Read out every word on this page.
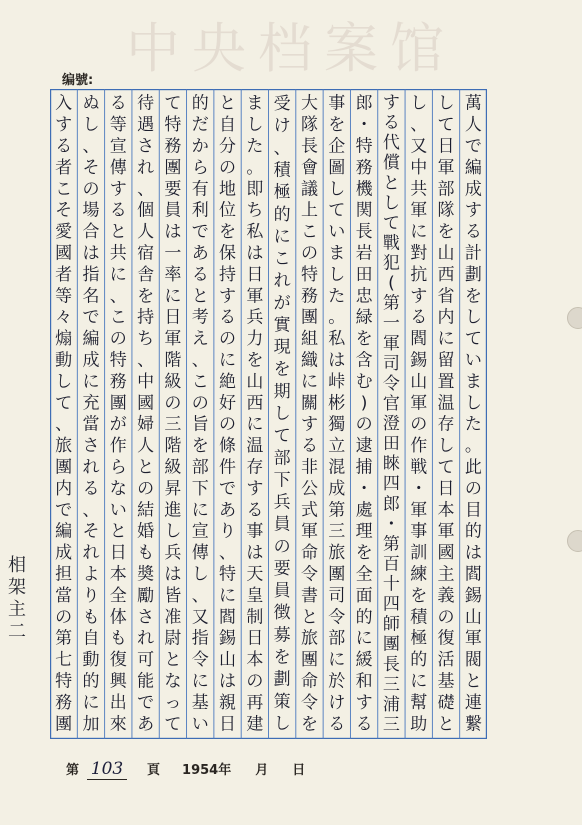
中央档案馆
编號:
萬
人
で
編
成
す
る
計
劃
を
し
て
い
ま
し
た
。
此
の
目
的
は
閻
錫
山
軍
閥
と
連
繋
し
て
日
軍
部
隊
を
山
西
省
内
に
留
置
温
存
し
て
日
本
軍
國
主
義
の
復
活
基
礎
と
し
、
又
中
共
軍
に
對
抗
す
る
閻
錫
山
軍
の
作
戦
・
軍
事
訓
練
を
積
極
的
に
幫
助
す
る
代
償
と
し
て
戰
犯
(
第
一
軍
司
令
官
澄
田
睞
四
郎
・
第
百
十
四
師
團
長
三
浦
三
郎
・
特
務
機
関
長
岩
田
忠
緑
を
含
む
)
の
逮
捕
・
處
理
を
全
面
的
に
緩
和
す
る
事
を
企
圖
し
て
い
ま
し
た
。
私
は
峠
彬
獨
立
混
成
第
三
旅
團
司
令
部
に
於
け
る
大
隊
長
會
議
上
こ
の
特
務
團
組
織
に
關
す
る
非
公
式
軍
命
令
書
と
旅
團
命
令
を
受
け
、
積
極
的
に
こ
れ
が
實
現
を
期
し
て
部
下
兵
員
の
要
員
徴
募
を
劃
策
し
ま
し
た
。
即
ち
私
は
日
軍
兵
力
を
山
西
に
温
存
す
る
事
は
天
皇
制
日
本
の
再
建
と
自
分
の
地
位
を
保
持
す
る
の
に
絶
好
の
條
件
で
あ
り
、
特
に
閻
錫
山
は
親
日
的
だ
か
ら
有
利
で
あ
る
と
考
え
、
こ
の
旨
を
部
下
に
宣
傳
し
、
又
指
令
に
基
い
て
特
務
團
要
員
は
一
率
に
日
軍
階
級
の
三
階
級
昇
進
し
兵
は
皆
准
尉
と
な
っ
て
待
遇
さ
れ
、
個
人
宿
舎
を
持
ち
、
中
國
婦
人
と
の
結
婚
も
奬
勵
さ
れ
可
能
で
あ
る
等
宣
傳
す
る
と
共
に
、
こ
の
特
務
團
が
作
ら
な
い
と
日
本
全
体
も
復
興
出
來
ぬ
し
、
そ
の
場
合
は
指
名
で
編
成
に
充
當
さ
れ
る
、
そ
れ
よ
り
も
自
動
的
に
加
入
す
る
者
こ
そ
愛
國
者
等
々
煽
動
し
て
、
旅
團
内
で
編
成
担
當
の
第
七
特
務
團
第 103 頁 1954年 月 日
相架主二
